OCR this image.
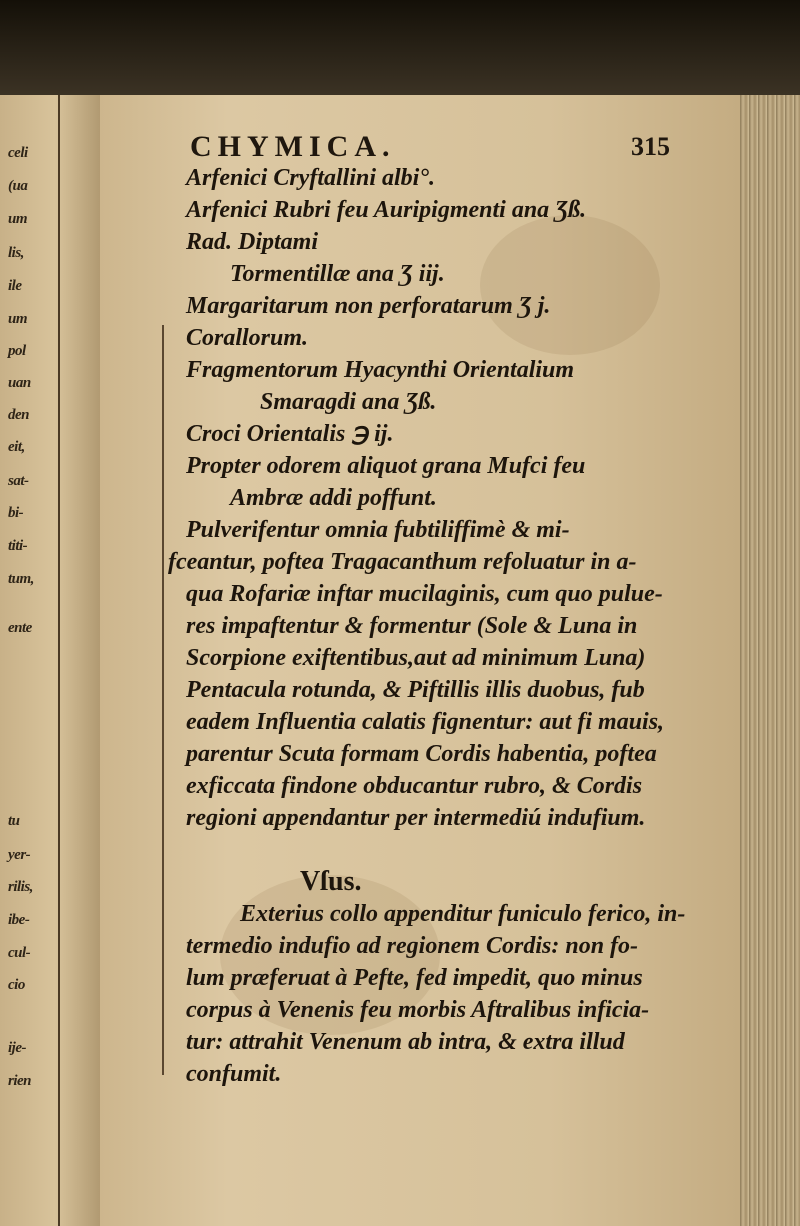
celi
(ua
um
lis,
ile
um
pol
uan
den
eit,
sat-
bi-
titi-
tum,
ente
tu
yer-
rilis,
ibe-
cul-
cio
ije-
rien
CHYMICA.	315
Arfenici Cryftallini albi°.
Arfenici Rubri feu Auripigmenti ana Ʒß.
Rad. Diptami
Tormentillæ ana Ʒ iĳ.
Margaritarum non perforatarum Ʒ j.
Corallorum.
Fragmentorum Hyacynthi Orientalium
Smaragdi ana Ʒß.
Croci Orientalis ℈ ij.
Propter odorem aliquot grana Mufci feu
Ambræ addi poffunt.
Pulverifentur omnia fubtiliffimè & mi-
fceantur, poftea Tragacanthum refoluatur in a-
qua Rofariæ inftar mucilaginis, cum quo pulue-
res impaftentur & formentur (Sole & Luna in
Scorpione exiftentibus,aut ad minimum Luna)
Pentacula rotunda, & Piftillis illis duobus, fub
eadem Influentia calatis fignentur: aut fi mauis,
parentur Scuta formam Cordis habentia, poftea
exficcata findone obducantur rubro, & Cordis
regioni appendantur per intermediú indufium.
Vſus.
Exterius collo appenditur funiculo ferico, in-
termedio indufio ad regionem Cordis: non fo-
lum præferuat à Pefte, fed impedit, quo minus
corpus à Venenis feu morbis Aftralibus inficia-
tur: attrahit Venenum ab intra, & extra illud
confumit.
